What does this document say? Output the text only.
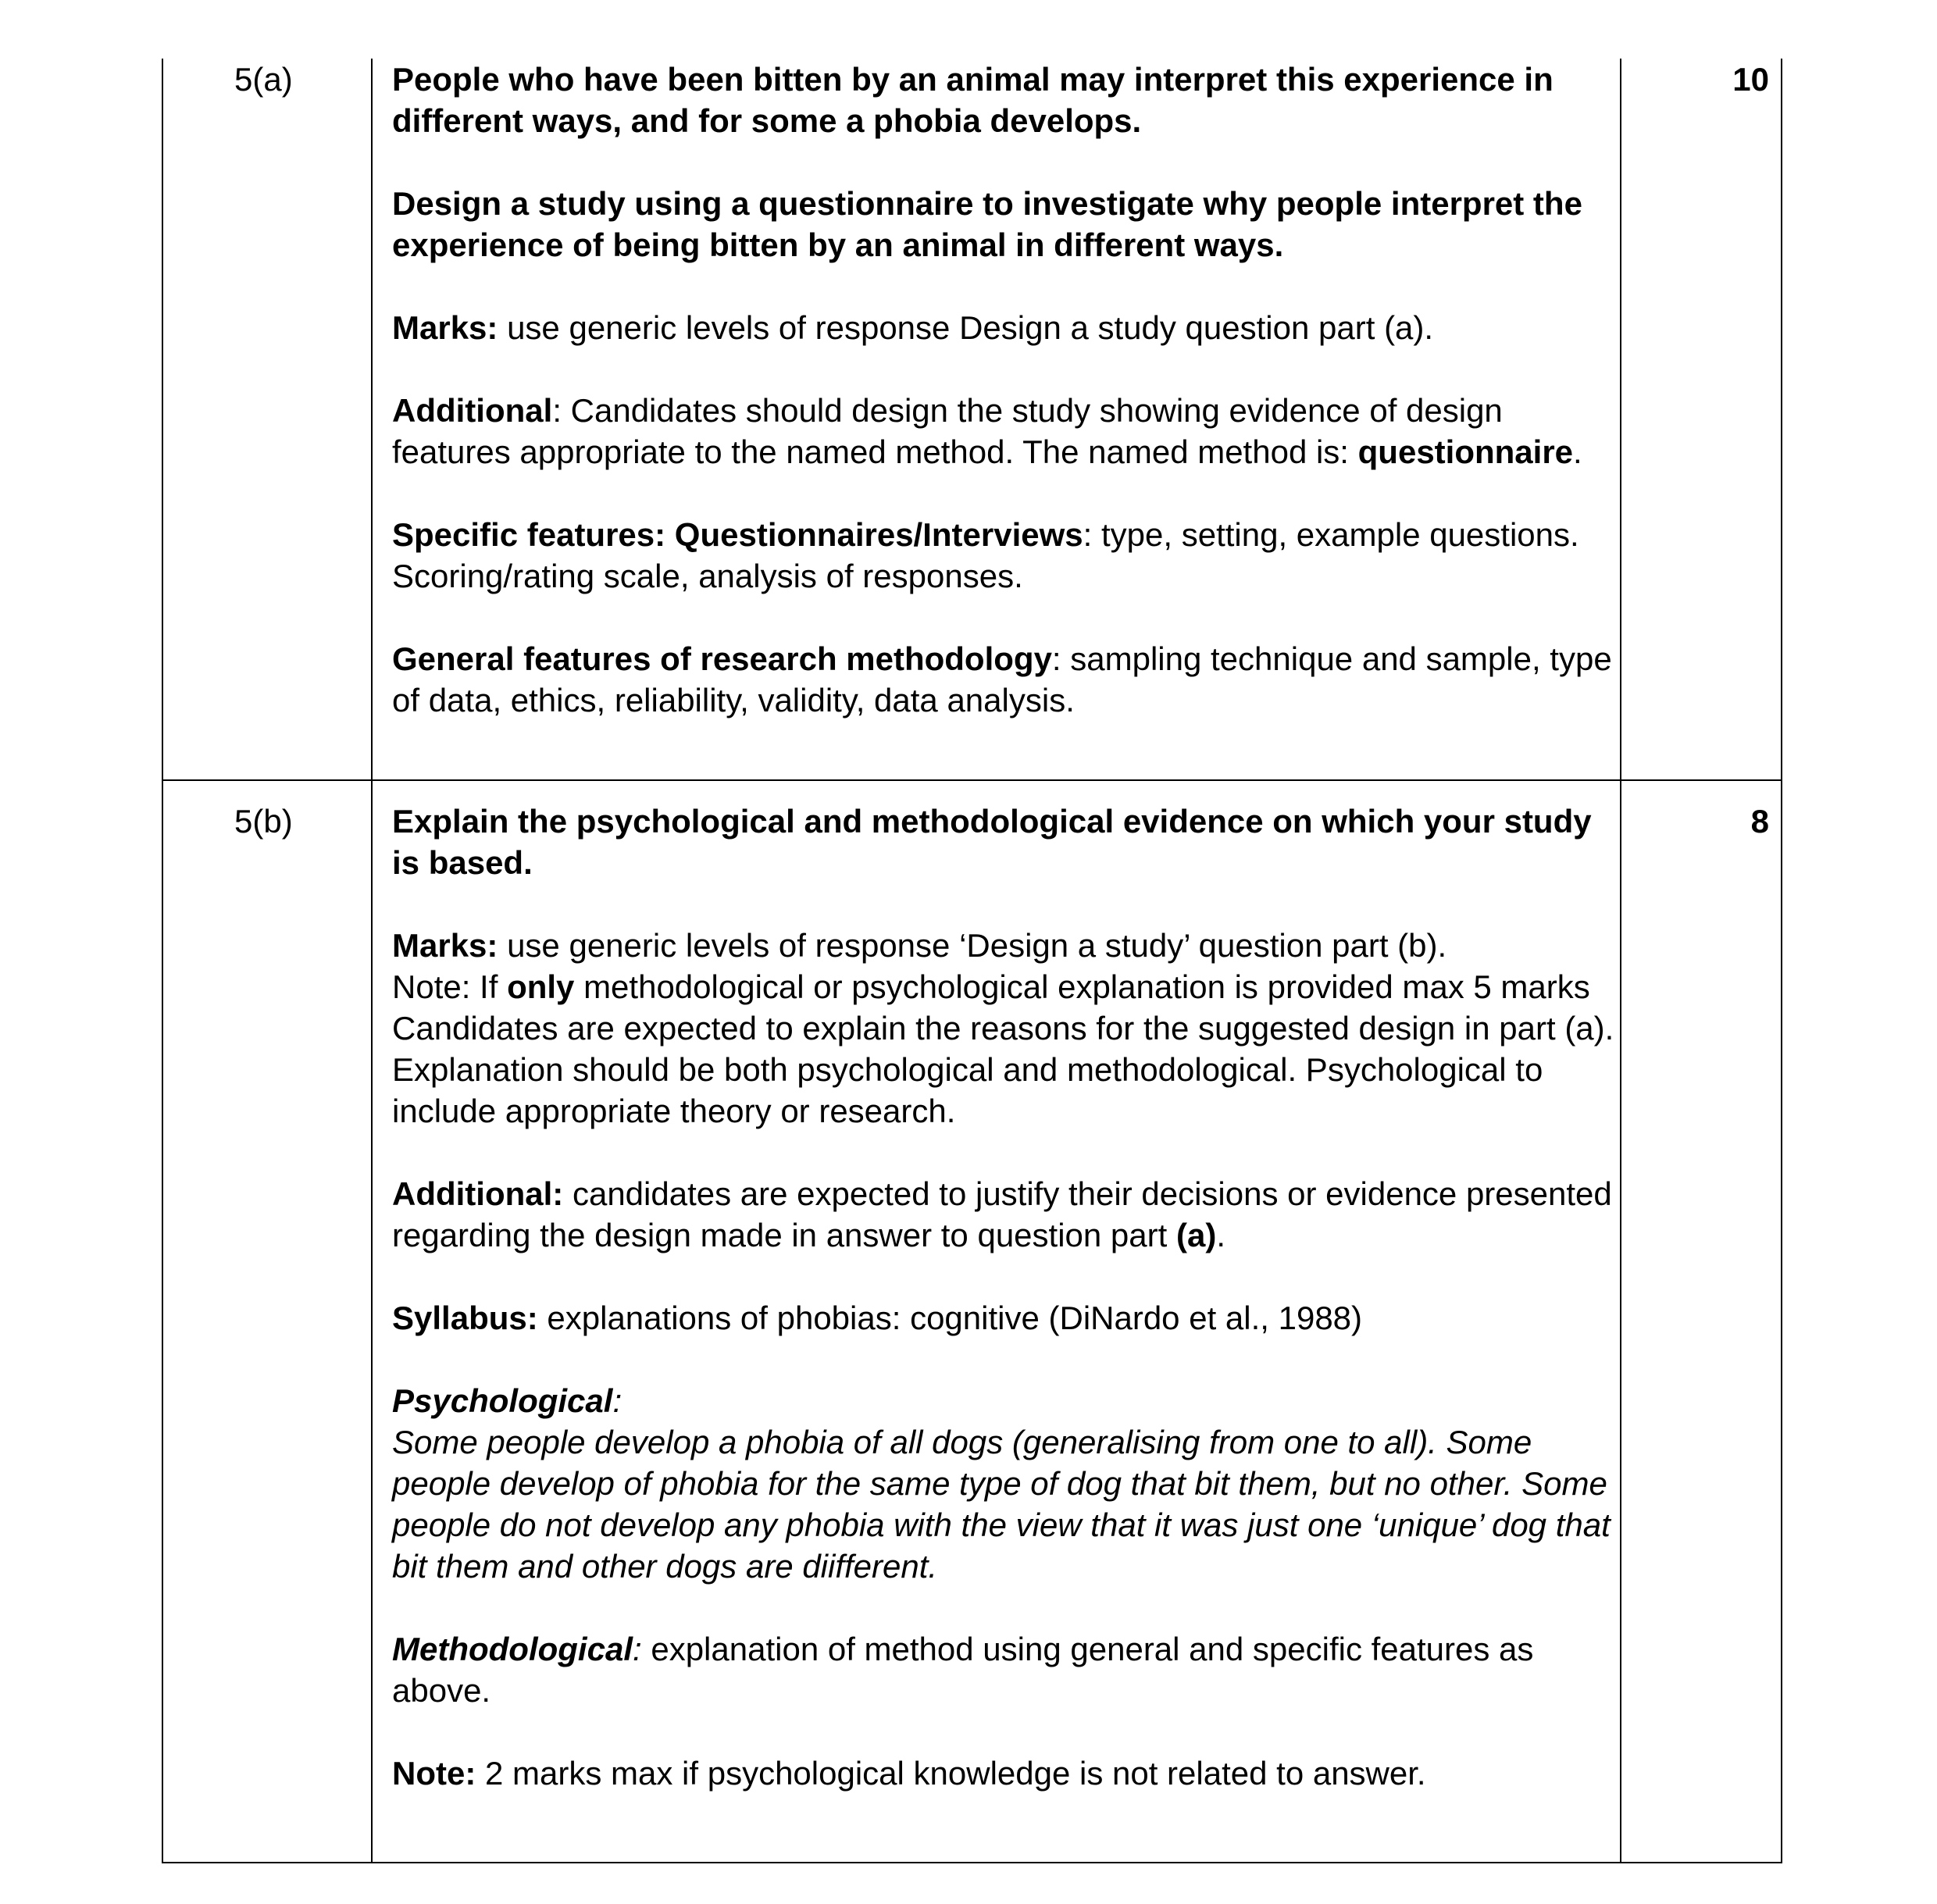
5(a)	10

People who have been bitten by an animal may interpret this experience in different ways, and for some a phobia develops.

Design a study using a questionnaire to investigate why people interpret the experience of being bitten by an animal in different ways.

Marks: use generic levels of response Design a study question part (a).

Additional: Candidates should design the study showing evidence of design features appropriate to the named method. The named method is: questionnaire.

Specific features: Questionnaires/Interviews: type, setting, example questions. Scoring/rating scale, analysis of responses.

General features of research methodology: sampling technique and sample, type of data, ethics, reliability, validity, data analysis.

5(b)	8

Explain the psychological and methodological evidence on which your study is based.

Marks: use generic levels of response ‘Design a study’ question part (b).

Note: If only methodological or psychological explanation is provided max 5 marks

Candidates are expected to explain the reasons for the suggested design in part (a). Explanation should be both psychological and methodological. Psychological to include appropriate theory or research.

Additional: candidates are expected to justify their decisions or evidence presented regarding the design made in answer to question part (a).

Syllabus: explanations of phobias: cognitive (DiNardo et al., 1988)

Psychological:

Some people develop a phobia of all dogs (generalising from one to all). Some people develop of phobia for the same type of dog that bit them, but no other. Some people do not develop any phobia with the view that it was just one ‘unique’ dog that bit them and other dogs are diifferent.

Methodological: explanation of method using general and specific features as above.

Note: 2 marks max if psychological knowledge is not related to answer.
